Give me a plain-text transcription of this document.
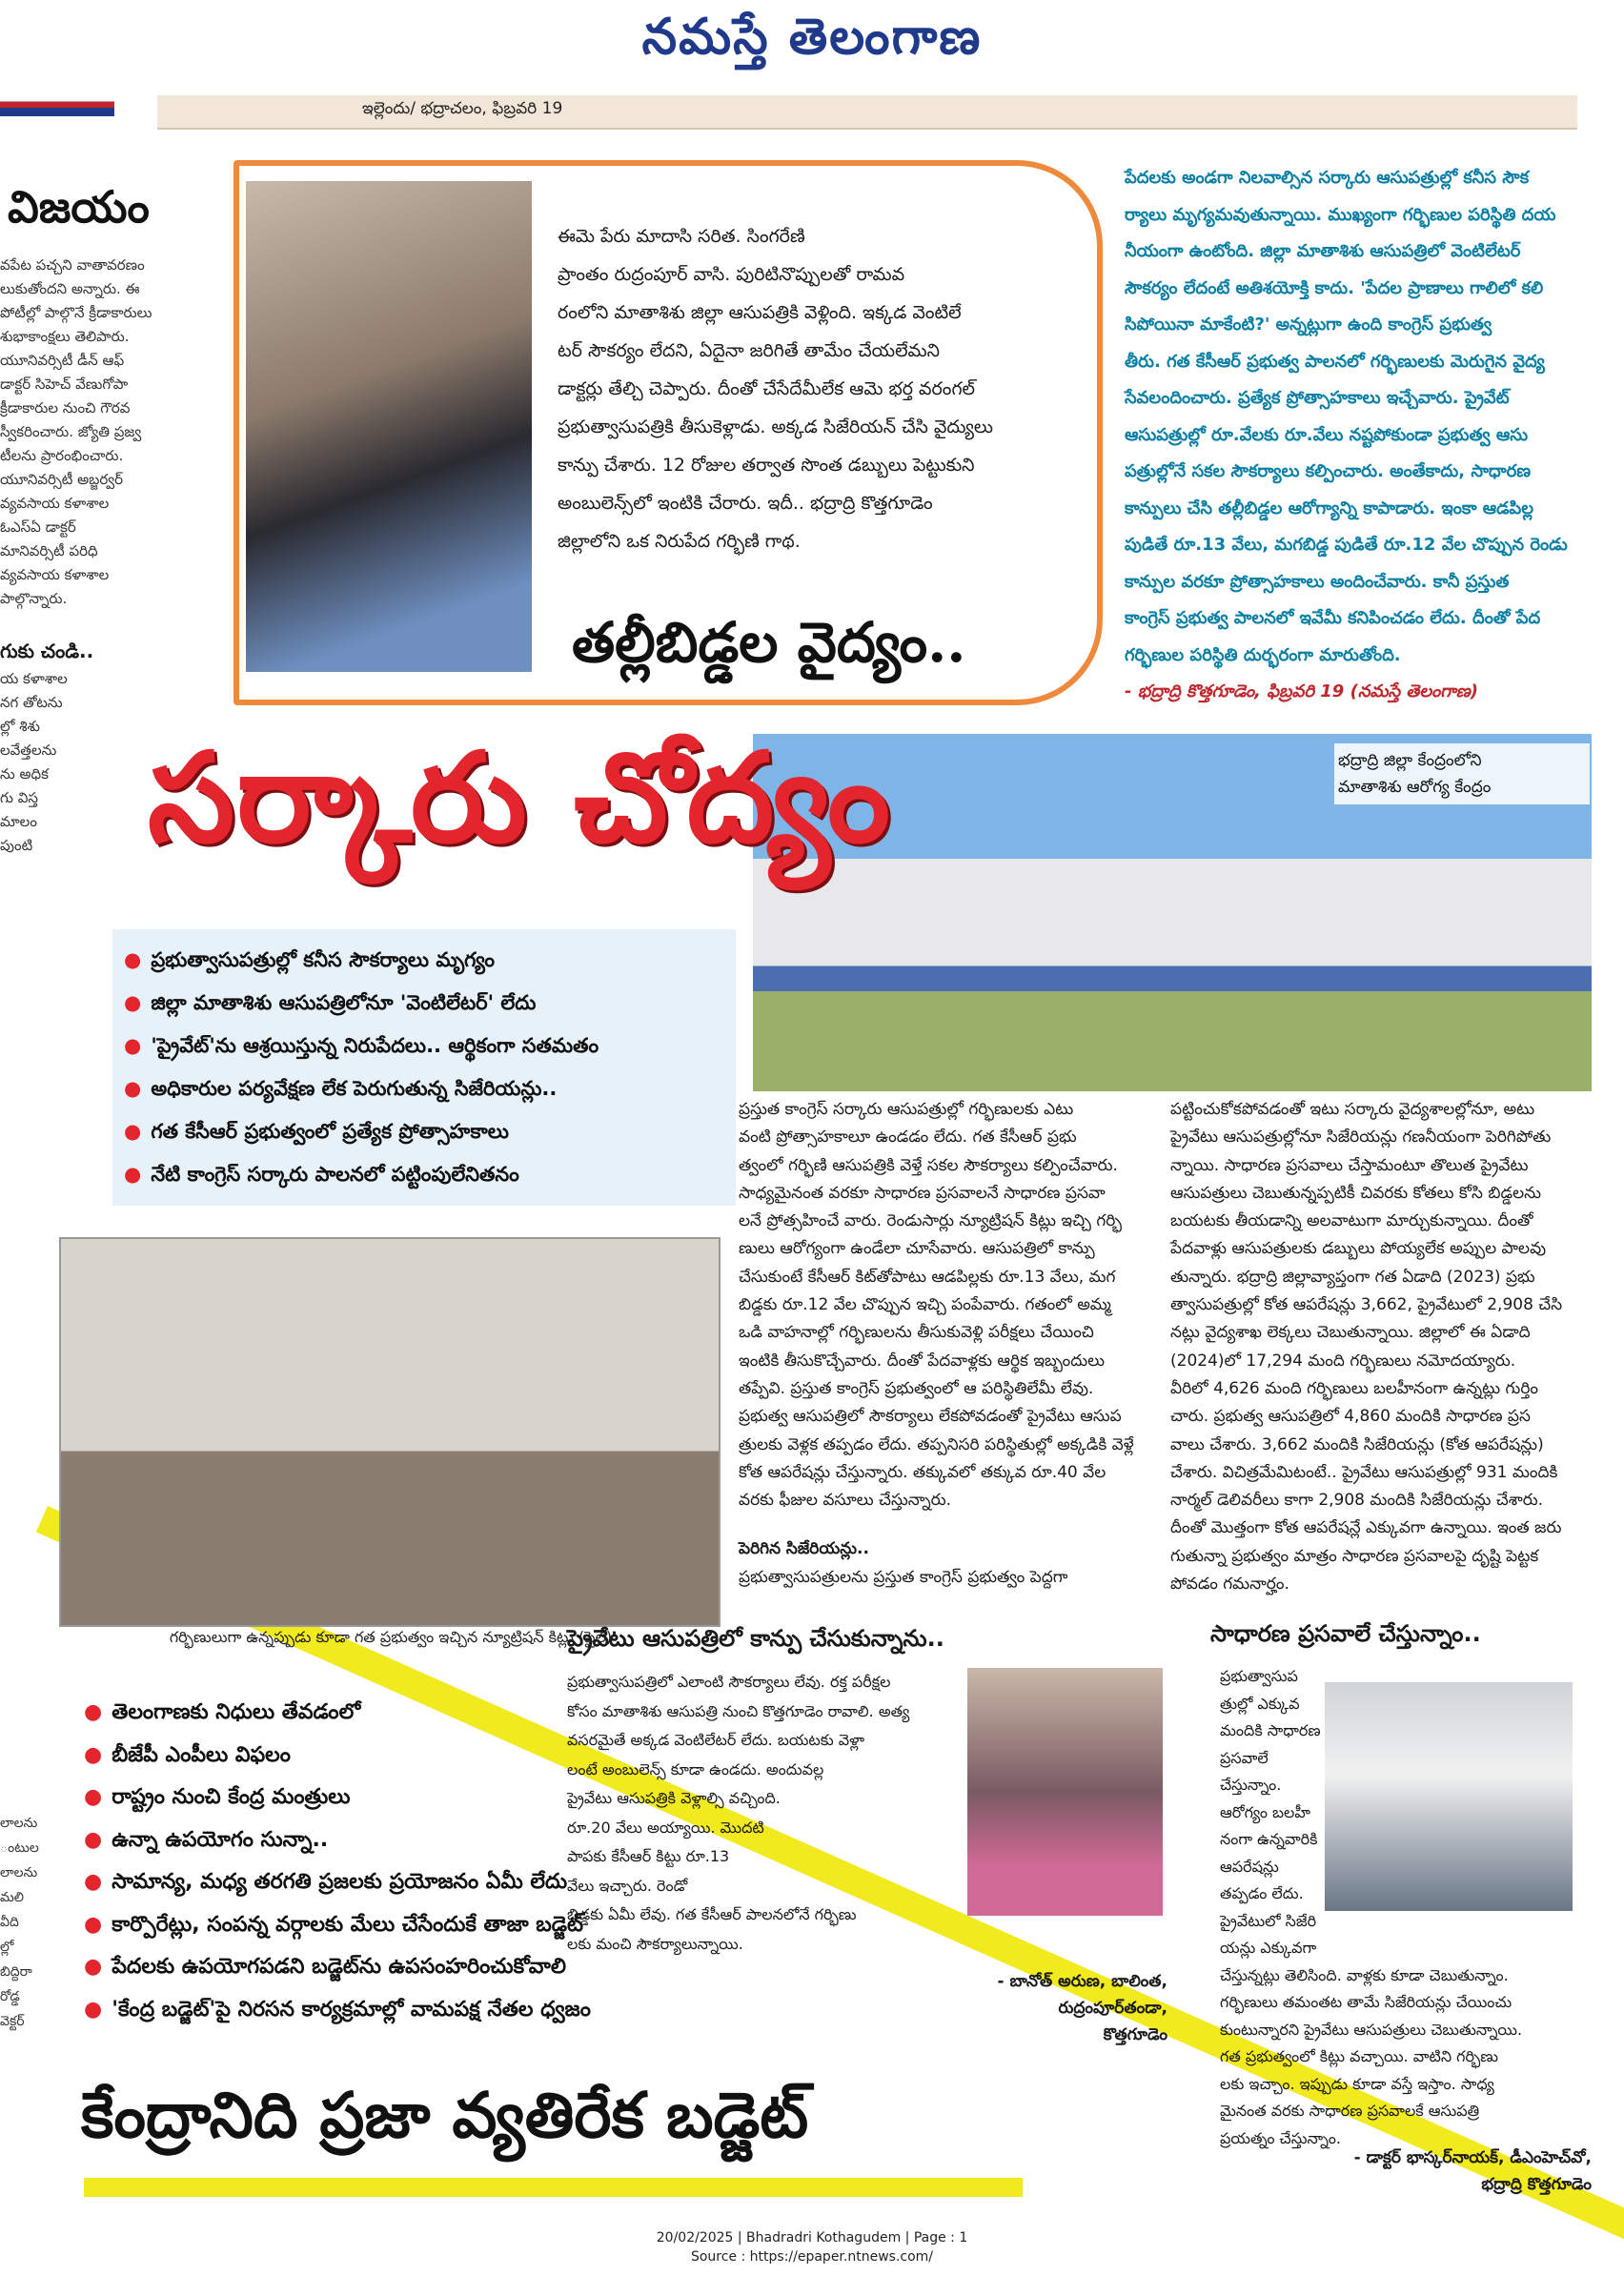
నమస్తే తెలంగాణ
ఇల్లెందు/ భద్రాచలం, ఫిబ్రవరి 19
విజయం
వపేట పచ్చని వాతావరణం
లుకుతోందని అన్నారు. ఈ
పోటీల్లో పాల్గొనే క్రీడాకారులు
శుభాకాంక్షలు తెలిపారు.
యూనివర్సిటీ డీన్ ఆఫ్
డాక్టర్ సిహెచ్ వేణుగోపా
క్రీడాకారుల నుంచి గౌరవ
స్వీకరించారు. జ్యోతి ప్రజ్వ
టీలను ప్రారంభించారు.
యూనివర్సిటీ అబ్జర్వర్
వ్యవసాయ కళాశాల
ఓఎస్ఏ డాక్టర్
మానివర్సిటీ పరిధి
వ్యవసాయ కళాశాల
పాల్గొన్నారు.
గుకు చండి..
య కళాశాల
నగ తోటను
ల్లో శిశు
లవేత్తలను
ను అధిక
గు విస్త
మాలం
పుంటి
ఈమె పేరు మాదాసి సరిత. సింగరేణి
ప్రాంతం రుద్రంపూర్ వాసి. పురిటినొప్పులతో రామవ
రంలోని మాతాశిశు జిల్లా ఆసుపత్రికి వెళ్లింది. ఇక్కడ వెంటిలే
టర్ సౌకర్యం లేదని, ఏదైనా జరిగితే తామేం చేయలేమని
డాక్టర్లు తేల్చి చెప్పారు. దీంతో చేసేదేమీలేక ఆమె భర్త వరంగల్
ప్రభుత్వాసుపత్రికి తీసుకెళ్లాడు. అక్కడ సిజేరియన్ చేసి వైద్యులు
కాన్పు చేశారు. 12 రోజుల తర్వాత సొంత డబ్బులు పెట్టుకుని
అంబులెన్స్‌లో ఇంటికి చేరారు. ఇదీ.. భద్రాద్రి కొత్తగూడెం
జిల్లాలోని ఒక నిరుపేద గర్భిణి గాథ.
పేదలకు అండగా నిలవాల్సిన సర్కారు ఆసుపత్రుల్లో కనీస సౌక
ర్యాలు మృగ్యమవుతున్నాయి. ముఖ్యంగా గర్భిణుల పరిస్థితి దయ
నీయంగా ఉంటోంది. జిల్లా మాతాశిశు ఆసుపత్రిలో వెంటిలేటర్
సౌకర్యం లేదంటే అతిశయోక్తి కాదు. 'పేదల ప్రాణాలు గాలిలో కలి
సిపోయినా మాకేంటి?' అన్నట్లుగా ఉంది కాంగ్రెస్ ప్రభుత్వ
తీరు. గత కేసీఆర్ ప్రభుత్వ పాలనలో గర్భిణులకు మెరుగైన వైద్య
సేవలందించారు. ప్రత్యేక ప్రోత్సాహకాలు ఇచ్చేవారు. ప్రైవేట్
ఆసుపత్రుల్లో రూ.వేలకు రూ.వేలు నష్టపోకుండా ప్రభుత్వ ఆసు
పత్రుల్లోనే సకల సౌకర్యాలు కల్పించారు. అంతేకాదు, సాధారణ
కాన్పులు చేసి తల్లీబిడ్డల ఆరోగ్యాన్ని కాపాడారు. ఇంకా ఆడపిల్ల
పుడితే రూ.13 వేలు, మగబిడ్డ పుడితే రూ.12 వేల చొప్పున రెండు
కాన్పుల వరకూ ప్రోత్సాహకాలు అందించేవారు. కానీ ప్రస్తుత
కాంగ్రెస్ ప్రభుత్వ పాలనలో ఇవేమీ కనిపించడం లేదు. దీంతో పేద
గర్భిణుల పరిస్థితి దుర్భరంగా మారుతోంది.
- భద్రాద్రి కొత్తగూడెం, ఫిబ్రవరి 19 (నమస్తే తెలంగాణ)
తల్లీబిడ్డల వైద్యం..
భద్రాద్రి జిల్లా కేంద్రంలోని
మాతాశిశు ఆరోగ్య కేంద్రం
సర్కారు చోద్యం
● ప్రభుత్వాసుపత్రుల్లో కనీస సౌకర్యాలు మృగ్యం
● జిల్లా మాతాశిశు ఆసుపత్రిలోనూ 'వెంటిలేటర్' లేదు
● 'ప్రైవేట్'ను ఆశ్రయిస్తున్న నిరుపేదలు.. ఆర్థికంగా సతమతం
● అధికారుల పర్యవేక్షణ లేక పెరుగుతున్న సిజేరియన్లు..
● గత కేసీఆర్ ప్రభుత్వంలో ప్రత్యేక ప్రోత్సాహకాలు
● నేటి కాంగ్రెస్ సర్కారు పాలనలో పట్టింపులేనితనం
గర్భిణులుగా ఉన్నప్పుడు కూడా గత ప్రభుత్వం ఇచ్చిన న్యూట్రిషన్ కిట్లు (ఫైల్)
ప్రస్తుత కాంగ్రెస్ సర్కారు ఆసుపత్రుల్లో గర్భిణులకు ఎటు
వంటి ప్రోత్సాహకాలూ ఉండడం లేదు. గత కేసీఆర్ ప్రభు
త్వంలో గర్భిణి ఆసుపత్రికి వెళ్తే సకల సౌకర్యాలు కల్పించేవారు.
సాధ్యమైనంత వరకూ సాధారణ ప్రసవాలనే సాధారణ ప్రసవా
లనే ప్రోత్సహించే వారు. రెండుసార్లు న్యూట్రిషన్ కిట్లు ఇచ్చి గర్భి
ణులు ఆరోగ్యంగా ఉండేలా చూసేవారు. ఆసుపత్రిలో కాన్పు
చేసుకుంటే కేసీఆర్ కిట్‌తోపాటు ఆడపిల్లకు రూ.13 వేలు, మగ
బిడ్డకు రూ.12 వేల చొప్పున ఇచ్చి పంపేవారు. గతంలో అమ్మ
ఒడి వాహనాల్లో గర్భిణులను తీసుకువెళ్లి పరీక్షలు చేయించి
ఇంటికి తీసుకొచ్చేవారు. దీంతో పేదవాళ్లకు ఆర్థిక ఇబ్బందులు
తప్పేవి. ప్రస్తుత కాంగ్రెస్ ప్రభుత్వంలో ఆ పరిస్థితిలేమీ లేవు.
ప్రభుత్వ ఆసుపత్రిలో సౌకర్యాలు లేకపోవడంతో ప్రైవేటు ఆసుప
త్రులకు వెళ్లక తప్పడం లేదు. తప్పనిసరి పరిస్థితుల్లో అక్కడికి వెళ్లే
కోత ఆపరేషన్లు చేస్తున్నారు. తక్కువలో తక్కువ రూ.40 వేల
వరకు ఫీజుల వసూలు చేస్తున్నారు.
పెరిగిన సిజేరియన్లు..
ప్రభుత్వాసుపత్రులను ప్రస్తుత కాంగ్రెస్ ప్రభుత్వం పెద్దగా
పట్టించుకోకపోవడంతో ఇటు సర్కారు వైద్యశాలల్లోనూ, అటు
ప్రైవేటు ఆసుపత్రుల్లోనూ సిజేరియన్లు గణనీయంగా పెరిగిపోతు
న్నాయి. సాధారణ ప్రసవాలు చేస్తామంటూ తొలుత ప్రైవేటు
ఆసుపత్రులు చెబుతున్నప్పటికీ చివరకు కోతలు కోసి బిడ్డలను
బయటకు తీయడాన్ని అలవాటుగా మార్చుకున్నాయి. దీంతో
పేదవాళ్లు ఆసుపత్రులకు డబ్బులు పోయ్యలేక అప్పుల పాలవు
తున్నారు. భద్రాద్రి జిల్లావ్యాప్తంగా గత ఏడాది (2023) ప్రభు
త్వాసుపత్రుల్లో కోత ఆపరేషన్లు 3,662, ప్రైవేటులో 2,908 చేసి
నట్లు వైద్యశాఖ లెక్కలు చెబుతున్నాయి. జిల్లాలో ఈ ఏడాది
(2024)లో 17,294 మంది గర్భిణులు నమోదయ్యారు.
వీరిలో 4,626 మంది గర్భిణులు బలహీనంగా ఉన్నట్లు గుర్తిం
చారు. ప్రభుత్వ ఆసుపత్రిలో 4,860 మందికి సాధారణ ప్రస
వాలు చేశారు. 3,662 మందికి సిజేరియన్లు (కోత ఆపరేషన్లు)
చేశారు. విచిత్రమేమిటంటే.. ప్రైవేటు ఆసుపత్రుల్లో 931 మందికి
నార్మల్ డెలివరీలు కాగా 2,908 మందికి సిజేరియన్లు చేశారు.
దీంతో మొత్తంగా కోత ఆపరేషన్లే ఎక్కువగా ఉన్నాయి. ఇంత జరు
గుతున్నా ప్రభుత్వం మాత్రం సాధారణ ప్రసవాలపై దృష్టి పెట్టక
పోవడం గమనార్హం.
ప్రైవేటు ఆసుపత్రిలో కాన్పు చేసుకున్నాను..
ప్రభుత్వాసుపత్రిలో ఎలాంటి సౌకర్యాలు లేవు. రక్త పరీక్షల
కోసం మాతాశిశు ఆసుపత్రి నుంచి కొత్తగూడెం రావాలి. అత్య
వసరమైతే అక్కడ వెంటిలేటర్ లేదు. బయటకు వెళ్లా
లంటే అంబులెన్స్ కూడా ఉండదు. అందువల్ల
ప్రైవేటు ఆసుపత్రికి వెళ్లాల్సి వచ్చింది.
రూ.20 వేలు అయ్యాయి. మొదటి
పాపకు కేసీఆర్ కిట్టు రూ.13
వేలు ఇచ్చారు. రెండో
బిడ్డకు ఏమీ లేవు. గత కేసీఆర్ పాలనలోనే గర్భిణు
లకు మంచి సౌకర్యాలున్నాయి.
- బానోత్ అరుణ, బాలింత,
రుద్రంపూర్‌తండా,
కొత్తగూడెం
సాధారణ ప్రసవాలే చేస్తున్నాం..
ప్రభుత్వాసుప
త్రుల్లో ఎక్కువ
మందికి సాధారణ
ప్రసవాలే
చేస్తున్నాం.
ఆరోగ్యం బలహీ
నంగా ఉన్నవారికి
ఆపరేషన్లు
తప్పడం లేదు.
ప్రైవేటులో సిజేరి
యన్లు ఎక్కువగా
చేస్తున్నట్లు తెలిసింది. వాళ్లకు కూడా చెబుతున్నాం.
గర్భిణులు తమంతట తామే సిజేరియన్లు చేయించు
కుంటున్నారని ప్రైవేటు ఆసుపత్రులు చెబుతున్నాయి.
గత ప్రభుత్వంలో కిట్లు వచ్చాయి. వాటిని గర్భిణు
లకు ఇచ్చాం. ఇప్పుడు కూడా వస్తే ఇస్తాం. సాధ్య
మైనంత వరకు సాధారణ ప్రసవాలకే ఆసుపత్రి
ప్రయత్నం చేస్తున్నాం.
- డాక్టర్ భాస్కర్‌నాయక్, డీఎంహెచ్‌వో,
భద్రాద్రి కొత్తగూడెం
● తెలంగాణకు నిధులు తేవడంలో
● బీజేపీ ఎంపీలు విఫలం
● రాష్ట్రం నుంచి కేంద్ర మంత్రులు
● ఉన్నా ఉపయోగం సున్నా..
● సామాన్య, మధ్య తరగతి ప్రజలకు ప్రయోజనం ఏమీ లేదు
● కార్పొరేట్లు, సంపన్న వర్గాలకు మేలు చేసేందుకే తాజా బడ్జెట్
● పేదలకు ఉపయోగపడని బడ్జెట్‌ను ఉపసంహరించుకోవాలి
● 'కేంద్ర బడ్జెట్'పై నిరసన కార్యక్రమాల్లో వామపక్ష నేతల ధ్వజం
కేంద్రానిది ప్రజా వ్యతిరేక బడ్జెట్
లాలను
ంటుల
లాలను
మలి
వీది
ల్లో
బిద్దిరా
రోడ్డ
వెక్టర్
20/02/2025 | Bhadradri Kothagudem | Page : 1
Source : https://epaper.ntnews.com/
